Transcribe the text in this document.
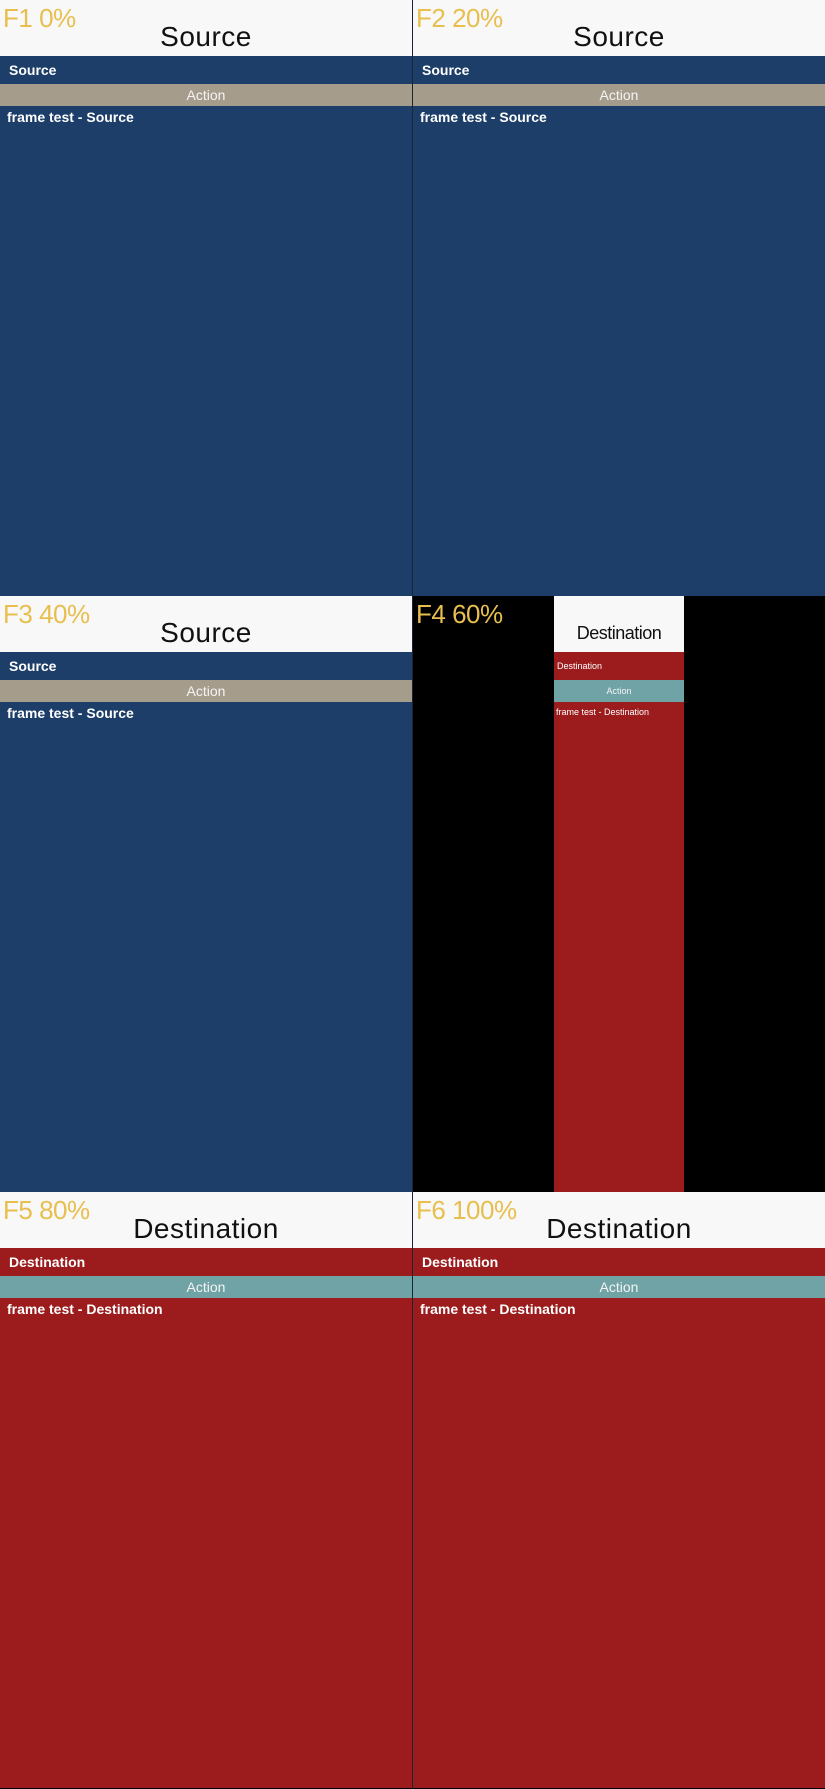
Source
Source
Action
frame test - Source
F1 0%
Source
Source
Action
frame test - Source
F2 20%
Source
Source
Action
frame test - Source
F3 40%
Destination
Destination
Action
frame test - Destination
F4 60%
Destination
Destination
Action
frame test - Destination
F5 80%
Destination
Destination
Action
frame test - Destination
F6 100%
